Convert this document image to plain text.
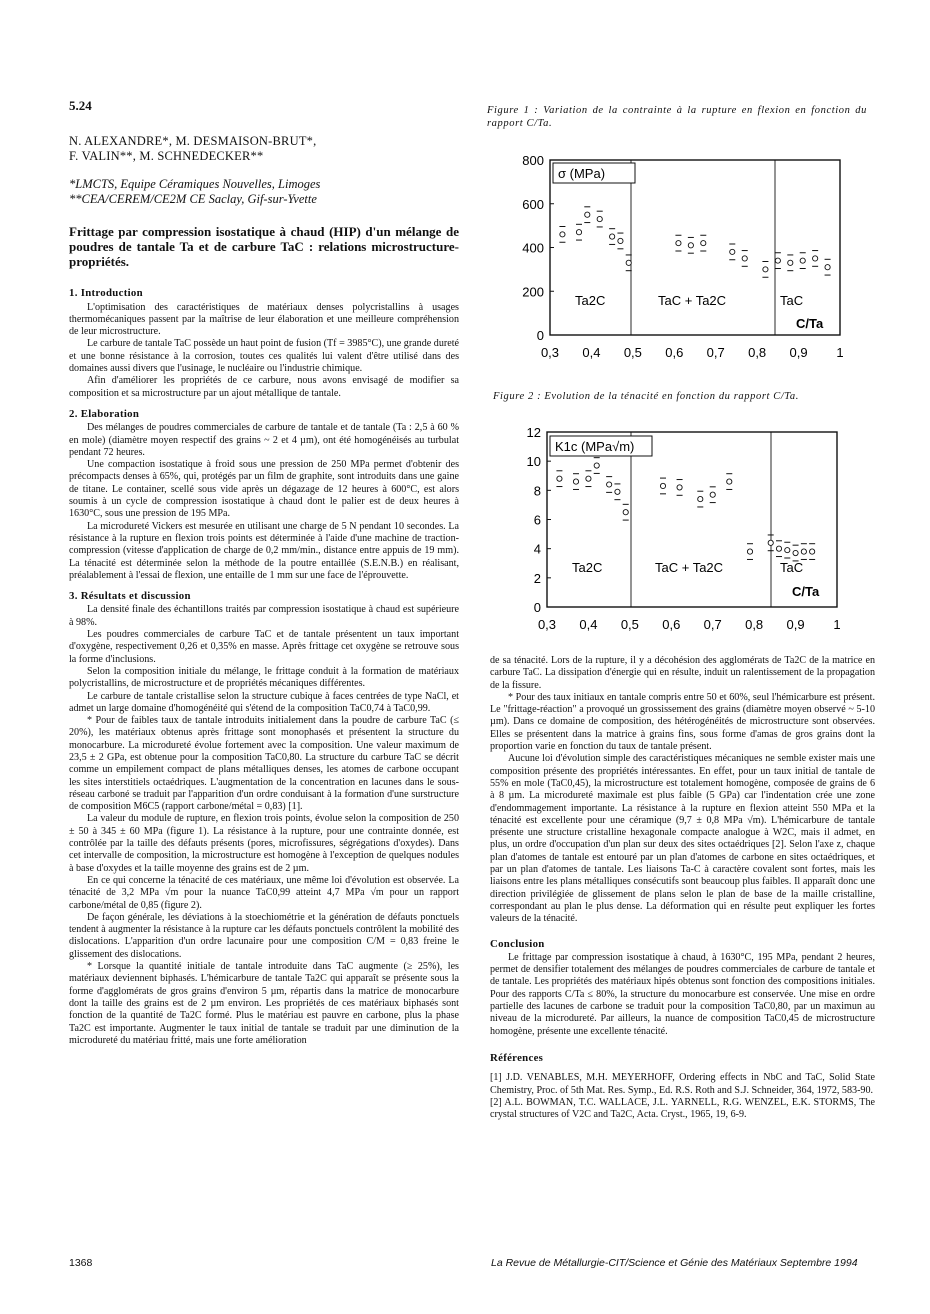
5.24
N. ALEXANDRE*, M. DESMAISON-BRUT*,
F. VALIN**, M. SCHNEDECKER**
*LMCTS, Equipe Céramiques Nouvelles, Limoges
**CEA/CEREM/CE2M CE Saclay, Gif-sur-Yvette
Frittage par compression isostatique à chaud (HIP) d'un mélange de poudres de tantale Ta et de carbure TaC : relations microstructure-propriétés.
1. Introduction

L'optimisation des caractéristiques de matériaux denses polycristallins à usages thermomécaniques passent par la maîtrise de leur élaboration et une meilleure compréhension de leur microstructure.

Le carbure de tantale TaC possède un haut point de fusion (Tf = 3985°C), une grande dureté et une bonne résistance à la corrosion, toutes ces qualités lui valent d'être utilisé dans des domaines aussi divers que l'usinage, le nucléaire ou l'industrie chimique.

Afin d'améliorer les propriétés de ce carbure, nous avons envisagé de modifier sa composition et sa microstructure par un ajout métallique de tantale.

2. Elaboration

Des mélanges de poudres commerciales de carbure de tantale et de tantale (Ta : 2,5 à 60 % en mole) (diamètre moyen respectif des grains ~ 2 et 4 µm), ont été homogénéisés au turbulat pendant 72 heures.

Une compaction isostatique à froid sous une pression de 250 MPa permet d'obtenir des précompacts denses à 65%, qui, protégés par un film de graphite, sont introduits dans une gaine de titane. Le container, scellé sous vide après un dégazage de 12 heures à 600°C, est alors soumis à un cycle de compression isostatique à chaud dont le palier est de deux heures à 1630°C, sous une pression de 195 MPa.

La microdureté Vickers est mesurée en utilisant une charge de 5 N pendant 10 secondes. La résistance à la rupture en flexion trois points est déterminée à l'aide d'une machine de traction-compression (vitesse d'application de charge de 0,2 mm/min., distance entre appuis de 19 mm). La ténacité est déterminée selon la méthode de la poutre entaillée (S.E.N.B.) en réalisant, préalablement à l'essai de flexion, une entaille de 1 mm sur une face de l'éprouvette.

3. Résultats et discussion

La densité finale des échantillons traités par compression isostatique à chaud est supérieure à 98%.

Les poudres commerciales de carbure TaC et de tantale présentent un taux important d'oxygène, respectivement 0,26 et 0,35% en masse. Après frittage cet oxygène se retrouve sous la forme d'inclusions.

Selon la composition initiale du mélange, le frittage conduit à la formation de matériaux polycristallins, de microstructure et de propriétés mécaniques différentes.

Le carbure de tantale cristallise selon la structure cubique à faces centrées de type NaCl, et admet un large domaine d'homogénéité qui s'étend de la composition TaC0,74 à TaC0,99.

* Pour de faibles taux de tantale introduits initialement dans la poudre de carbure TaC (≤ 20%), les matériaux obtenus après frittage sont monophasés et présentent la structure du monocarbure. La microdureté évolue fortement avec la composition. Une valeur maximum de 23,5 ± 2 GPa, est obtenue pour la composition TaC0,80. La structure du carbure TaC se décrit comme un empilement compact de plans métalliques denses, les atomes de carbone occupant les sites interstitiels octaédriques. L'augmentation de la concentration en lacunes dans le sous-réseau carboné se traduit par l'apparition d'un ordre conduisant à la formation d'une surstructure de composition M6C5 (rapport carbone/métal = 0,83) [1].

La valeur du module de rupture, en flexion trois points, évolue selon la composition de 250 ± 50 à 345 ± 60 MPa (figure 1). La résistance à la rupture, pour une contrainte donnée, est contrôlée par la taille des défauts présents (pores, microfissures, ségrégations d'oxydes). Dans cet intervalle de composition, la microstructure est homogène à l'exception de quelques nodules à base d'oxydes et la taille moyenne des grains est de 2 µm.

En ce qui concerne la ténacité de ces matériaux, une même loi d'évolution est observée. La ténacité de 3,2 MPa √m pour la nuance TaC0,99 atteint 4,7 MPa √m pour un rapport carbone/métal de 0,85 (figure 2).

De façon générale, les déviations à la stoechiométrie et la génération de défauts ponctuels tendent à augmenter la résistance à la rupture car les défauts ponctuels contrôlent la mobilité des dislocations. L'apparition d'un ordre lacunaire pour une composition C/M = 0,83 freine le glissement des dislocations.

* Lorsque la quantité initiale de tantale introduite dans TaC augmente (≥ 25%), les matériaux deviennent biphasés. L'hémicarbure de tantale Ta2C qui apparaît se présente sous la forme d'agglomérats de gros grains d'environ 5 µm, répartis dans la matrice de monocarbure dont la taille des grains est de 2 µm environ. Les propriétés de ces matériaux biphasés sont fonction de la quantité de Ta2C formé. Plus le matériau est pauvre en carbone, plus la phase Ta2C est importante. Augmenter le taux initial de tantale se traduit par une diminution de la microdureté du matériau fritté, mais une forte amélioration

Figure 1 : Variation de la contrainte à la rupture en flexion en fonction du rapport C/Ta.
Figure 2 : Evolution de la ténacité en fonction du rapport C/Ta.
0
200
400
600
800
0,3 0,4 0,5 0,6 0,7 0,8 0,9 1
σ (MPa)
Ta2C	TaC + Ta2C	TaC
C/Ta
0
2
4
6
8
10
12
0,3 0,4 0,5 0,6 0,7 0,8 0,9 1
K1c (MPa√m)
Ta2C	TaC + Ta2C	TaC
C/Ta

de sa ténacité. Lors de la rupture, il y a décohésion des agglomérats de Ta2C de la matrice en carbure TaC. La dissipation d'énergie qui en résulte, induit un ralentissement de la propagation de la fissure.

* Pour des taux initiaux en tantale compris entre 50 et 60%, seul l'hémicarbure est présent. Le "frittage-réaction" a provoqué un grossissement des grains (diamètre moyen observé ~ 5-10 µm). Dans ce domaine de composition, des hétérogénéités de microstructure sont observées. Elles se présentent dans la matrice à grains fins, sous forme d'amas de gros grains dont la proportion varie en fonction du taux de tantale présent.

Aucune loi d'évolution simple des caractéristiques mécaniques ne semble exister mais une composition présente des propriétés intéressantes. En effet, pour un taux initial de tantale de 55% en mole (TaC0,45), la microstructure est totalement homogène, composée de grains de 6 à 8 µm. La microdureté maximale est plus faible (5 GPa) car l'indentation crée une zone d'endommagement importante. La résistance à la rupture en flexion atteint 550 MPa et la ténacité est excellente pour une céramique (9,7 ± 0,8 MPa √m). L'hémicarbure de tantale présente une structure cristalline hexagonale compacte analogue à W2C, mais il admet, en plus, un ordre d'occupation d'un plan sur deux des sites octaédriques [2]. Selon l'axe z, chaque plan d'atomes de tantale est entouré par un plan d'atomes de carbone en sites octaédriques, et par un plan d'atomes de tantale. Les liaisons Ta-C à caractère covalent sont fortes, mais les liaisons entre les plans métalliques consécutifs sont beaucoup plus faibles. Il apparaît donc une direction privilégiée de glissement de plans selon le plan de base de la maille cristalline, correspondant au plan le plus dense. La déformation qui en résulte peut expliquer les fortes valeurs de la ténacité.

Conclusion

Le frittage par compression isostatique à chaud, à 1630°C, 195 MPa, pendant 2 heures, permet de densifier totalement des mélanges de poudres commerciales de carbure de tantale et de tantale. Les propriétés des matériaux hipés obtenus sont fonction des compositions initiales. Pour des rapports C/Ta ≤ 80%, la structure du monocarbure est conservée. Une mise en ordre partielle des lacunes de carbone se traduit pour la composition TaC0,80, par un maximun au niveau de la microdureté. Par ailleurs, la nuance de composition TaC0,45 de microstructure homogène, présente une excellente ténacité.

Références

[1] J.D. VENABLES, M.H. MEYERHOFF, Ordering effects in NbC and TaC, Solid State Chemistry, Proc. of 5th Mat. Res. Symp., Ed. R.S. Roth and S.J. Schneider, 364, 1972, 583-90.

[2] A.L. BOWMAN, T.C. WALLACE, J.L. YARNELL, R.G. WENZEL, E.K. STORMS, The crystal structures of V2C and Ta2C, Acta. Cryst., 1965, 19, 6-9.

1368	La Revue de Métallurgie-CIT/Science et Génie des Matériaux Septembre 1994
